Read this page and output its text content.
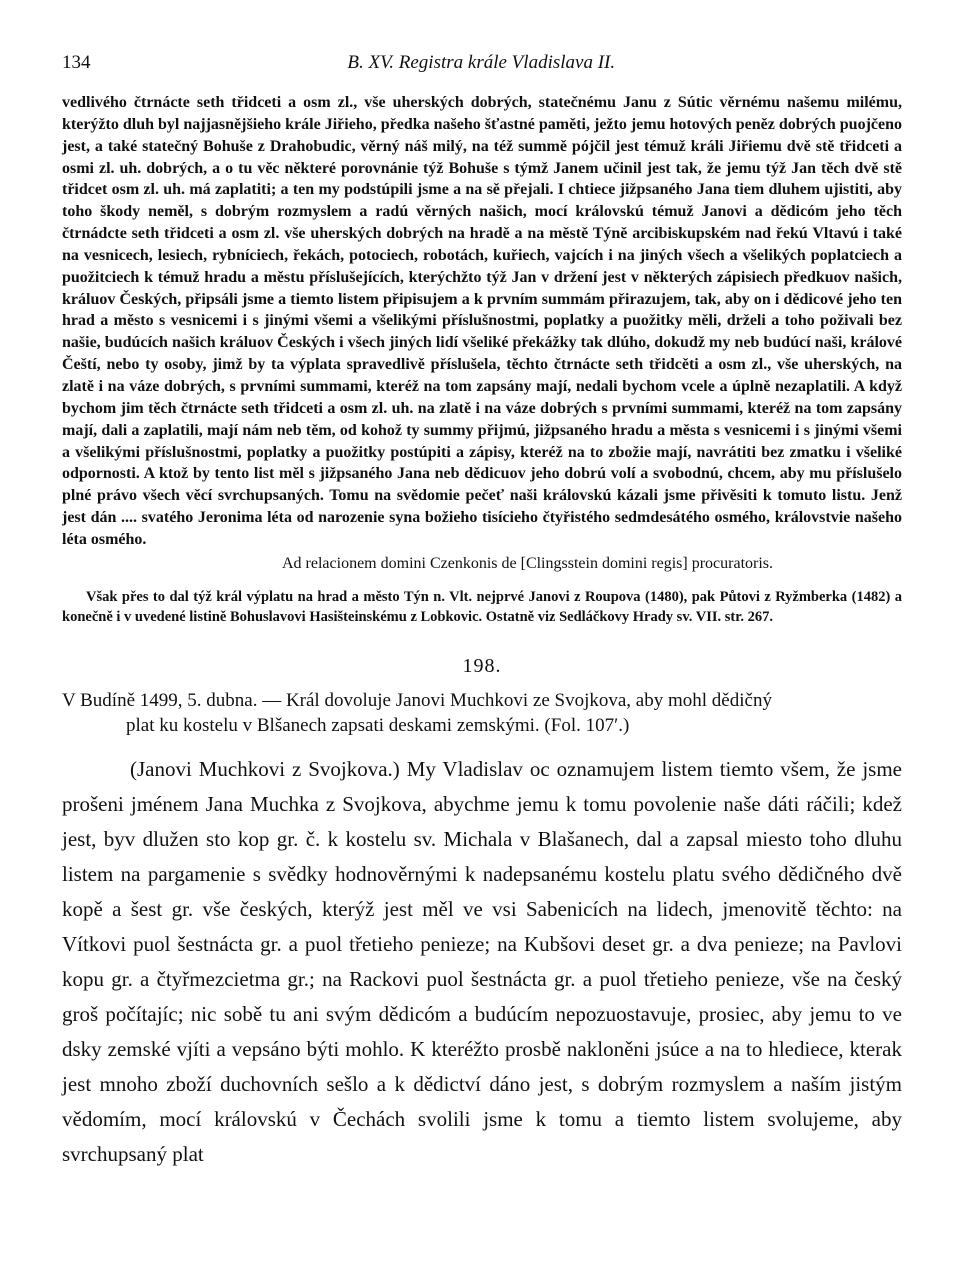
134	B. XV. Registra krále Vladislava II.

vedlivého čtrnácte seth třidceti a osm zl., vše uherských dobrých, statečnému Janu z Sútic věrnému našemu milému, kterýžto dluh byl najjasnějšieho krále Jiřieho, předka našeho šťastné paměti, ježto jemu hotových peněz dobrých puojčeno jest, a také statečný Bohuše z Drahobudic, věrný náš milý, na též summě pójčil jest témuž králi Jiřiemu dvě stě třidceti a osmi zl. uh. dobrých, a o tu věc některé porovnánie týž Bohuše s týmž Janem učinil jest tak, že jemu týž Jan těch dvě stě třidcet osm zl. uh. má zaplatiti; a ten my podstúpili jsme a na sě přejali. I chtiece jižpsaného Jana tiem dluhem ujistiti, aby toho škody neměl, s dobrým rozmyslem a radú věrných našich, mocí královskú témuž Janovi a dědicóm jeho těch čtrnádcte seth třidceti a osm zl. vše uherských dobrých na hradě a na městě Týně arcibiskupském nad řekú Vltavú i také na vesnicech, lesiech, rybníciech, řekách, potociech, robotách, kuřiech, vajcích i na jiných všech a všelikých poplatciech a puožitciech k témuž hradu a městu příslušejících, kterýchžto týž Jan v držení jest v některých zápisiech předkuov našich, králuov Českých, připsáli jsme a tiemto listem připisujem a k prvním summám přirazujem, tak, aby on i dědicové jeho ten hrad a město s vesnicemi i s jinými všemi a všelikými příslušnostmi, poplatky a puožitky měli, drželi a toho poživali bez našie, budúcích našich králuov Českých i všech jiných lidí všeliké překážky tak dlúho, dokudž my neb budúcí naši, králové Čeští, nebo ty osoby, jimž by ta výplata spravedlivě příslušela, těchto čtrnácte seth třidcěti a osm zl., vše uherských, na zlatě i na váze dobrých, s prvními summami, kteréž na tom zapsány mají, nedali bychom vcele a úplně nezaplatili. A když bychom jim těch čtrnácte seth třidceti a osm zl. uh. na zlatě i na váze dobrých s prvními summami, kteréž na tom zapsány mají, dali a zaplatili, mají nám neb těm, od kohož ty summy přijmú, jižpsaného hradu a města s vesnicemi i s jinými všemi a všelikými příslušnostmi, poplatky a puožitky postúpiti a zápisy, kteréž na to zbožie mají, navrátiti bez zmatku i všeliké odpornosti. A ktož by tento list měl s jižpsaného Jana neb dědicuov jeho dobrú volí a svobodnú, chcem, aby mu příslušelo plné právo všech věcí svrchupsaných. Tomu na svědomie pečeť naši královskú kázali jsme přivěsiti k tomuto listu. Jenž jest dán .... svatého Jeronima léta od narozenie syna božieho tisícieho čtyřistého sedmdesátého osmého, královstvie našeho léta osmého.

Ad relacionem domini Czenkonis de [Clingsstein domini regis] procuratoris.
Však přes to dal týž král výplatu na hrad a město Týn n. Vlt. nejprvé Janovi z Roupova (1480), pak Půtovi z Ryžmberka (1482) a konečně i v uvedené listině Bohuslavovi Hasišteinskému z Lobkovic. Ostatně viz Sedláčkovy Hrady sv. VII. str. 267.
198.
V Budíně 1499, 5. dubna. — Král dovoluje Janovi Muchkovi ze Svojkova, aby mohl dědičný
plat ku kostelu v Blšanech zapsati deskami zemskými. (Fol. 107′.)
(Janovi Muchkovi z Svojkova.) My Vladislav oc oznamujem listem tiemto všem, že jsme prošeni jménem Jana Muchka z Svojkova, abychme jemu k tomu povolenie naše dáti ráčili; kdež jest, byv dlužen sto kop gr. č. k kostelu sv. Michala v Blašanech, dal a zapsal miesto toho dluhu listem na pargamenie s svědky hodnověrnými k nadepsanému kostelu platu svého dědičného dvě kopě a šest gr. vše českých, kterýž jest měl ve vsi Sabenicích na lidech, jmenovitě těchto: na Vítkovi puol šestnácta gr. a puol třetieho penieze; na Kubšovi deset gr. a dva penieze; na Pavlovi kopu gr. a čtyřmezcietma gr.; na Rackovi puol šestnácta gr. a puol třetieho penieze, vše na český groš počítajíc; nic sobě tu ani svým dědicóm a budúcím nepozuostavuje, prosiec, aby jemu to ve dsky zemské vjíti a vepsáno býti mohlo. K kteréžto prosbě nakloněni jsúce a na to hlediece, kterak jest mnoho zboží duchovních sešlo a k dědictví dáno jest, s dobrým rozmyslem a naším jistým vědomím, mocí královskú v Čechách svolili jsme k tomu a tiemto listem svolujeme, aby svrchupsaný plat
